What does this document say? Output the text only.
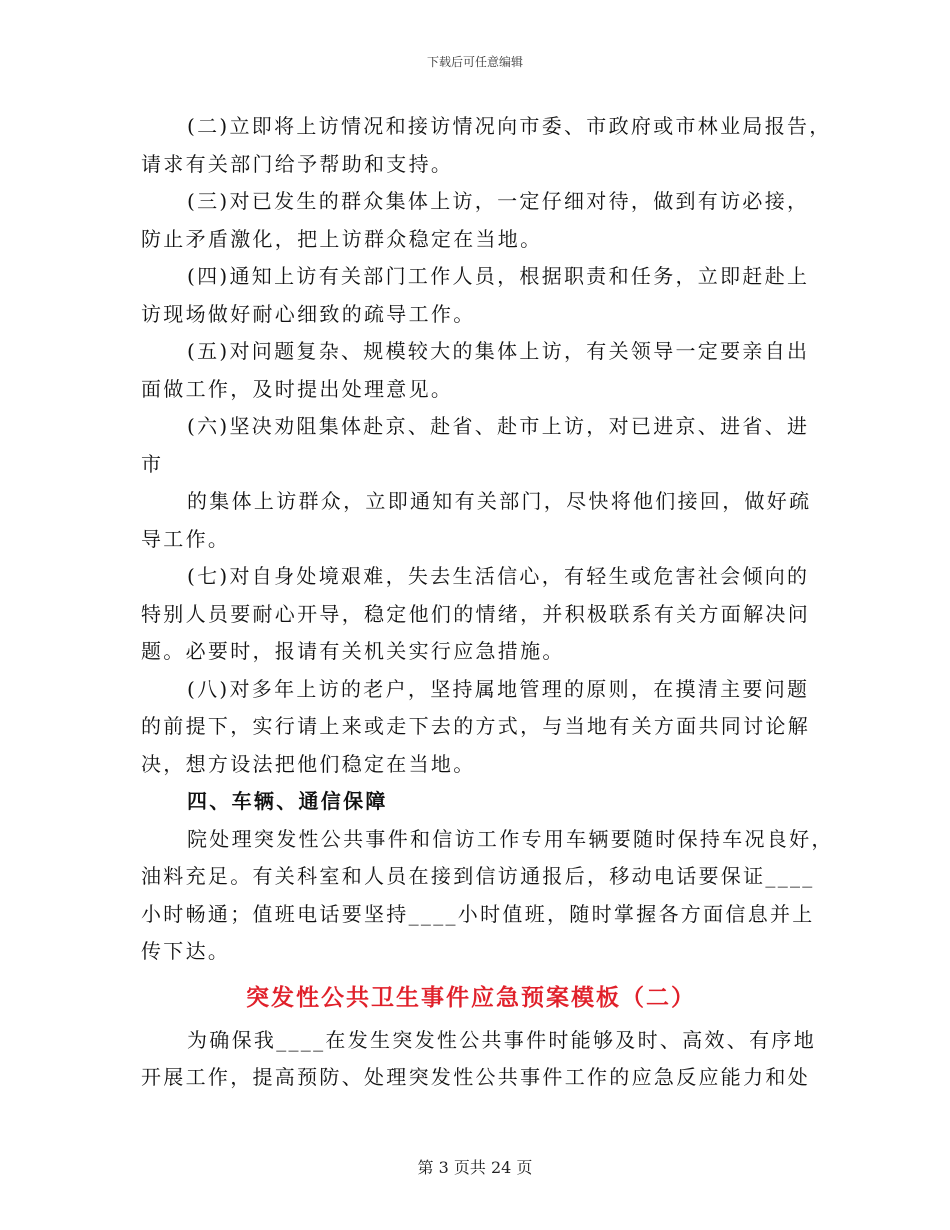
下载后可任意编辑
(二)立即将上访情况和接访情况向市委、市政府或市林业局报告，
请求有关部门给予帮助和支持。
(三)对已发生的群众集体上访，一定仔细对待，做到有访必接，
防止矛盾激化，把上访群众稳定在当地。
(四)通知上访有关部门工作人员，根据职责和任务，立即赶赴上
访现场做好耐心细致的疏导工作。
(五)对问题复杂、规模较大的集体上访，有关领导一定要亲自出
面做工作，及时提出处理意见。
(六)坚决劝阻集体赴京、赴省、赴市上访，对已进京、进省、进
市
的集体上访群众，立即通知有关部门，尽快将他们接回，做好疏
导工作。
(七)对自身处境艰难，失去生活信心，有轻生或危害社会倾向的
特别人员要耐心开导，稳定他们的情绪，并积极联系有关方面解决问
题。必要时，报请有关机关实行应急措施。
(八)对多年上访的老户，坚持属地管理的原则，在摸清主要问题
的前提下，实行请上来或走下去的方式，与当地有关方面共同讨论解
决，想方设法把他们稳定在当地。
四、车辆、通信保障
院处理突发性公共事件和信访工作专用车辆要随时保持车况良好，
油料充足。有关科室和人员在接到信访通报后，移动电话要保证____
小时畅通；值班电话要坚持____小时值班，随时掌握各方面信息并上
传下达。
突发性公共卫生事件应急预案模板（二）
为确保我____在发生突发性公共事件时能够及时、高效、有序地
开展工作，提高预防、处理突发性公共事件工作的应急反应能力和处
第 3 页共 24 页
